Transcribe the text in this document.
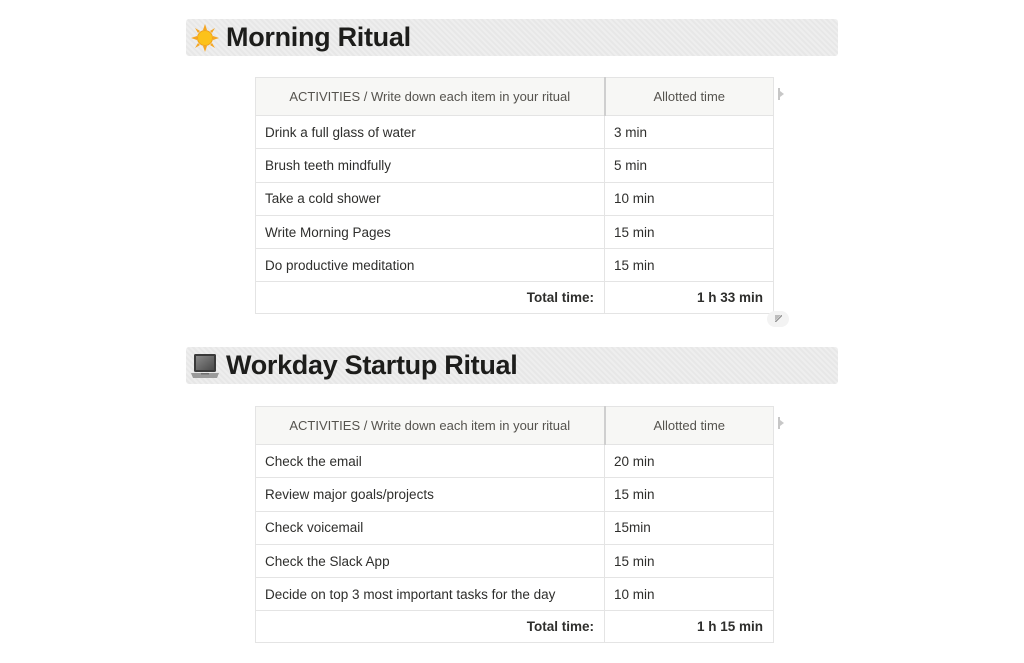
Morning Ritual
ACTIVITIES / Write down each item in your ritual	Allotted time
Drink a full glass of water	3 min
Brush teeth mindfully	5 min
Take a cold shower	10 min
Write Morning Pages	15 min
Do productive meditation	15 min
Total time:	1 h 33 min
Workday Startup Ritual
ACTIVITIES / Write down each item in your ritual	Allotted time
Check the email	20 min
Review major goals/projects	15 min
Check voicemail	15min
Check the Slack App	15 min
Decide on top 3 most important tasks for the day	10 min
Total time:	1 h 15 min
